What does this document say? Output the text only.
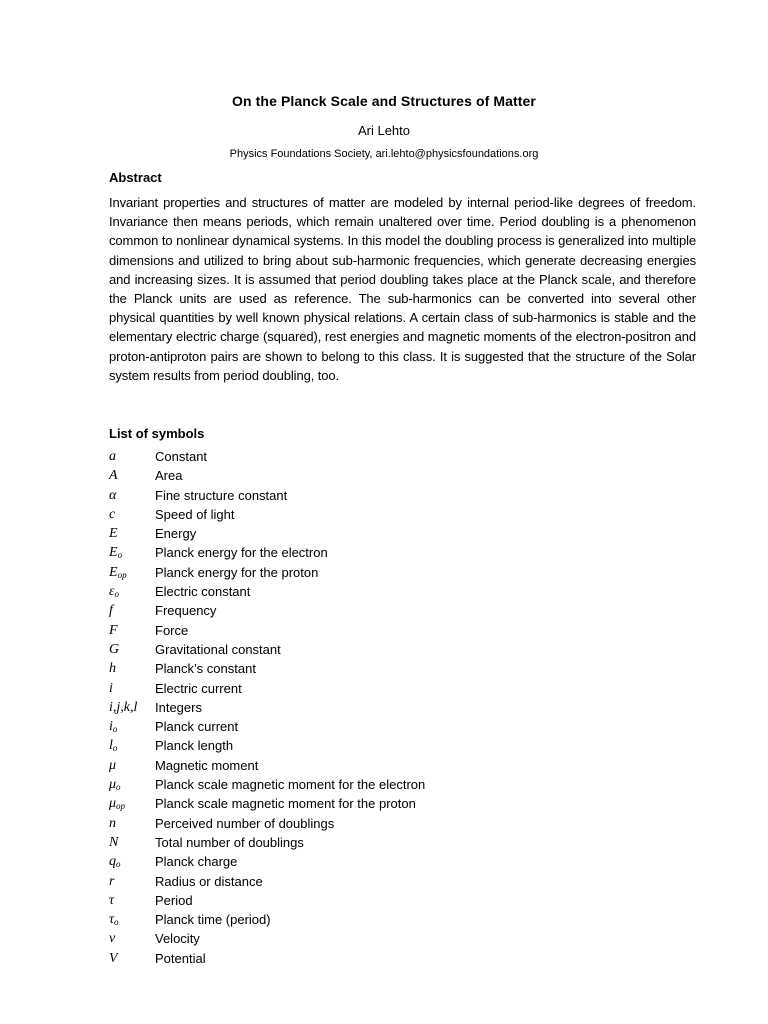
On the Planck Scale and Structures of Matter
Ari Lehto
Physics Foundations Society, ari.lehto@physicsfoundations.org
Abstract
Invariant properties and structures of matter are modeled by internal period-like degrees of freedom. Invariance then means periods, which remain unaltered over time. Period doubling is a phenomenon common to nonlinear dynamical systems. In this model the doubling process is generalized into multiple dimensions and utilized to bring about sub-harmonic frequencies, which generate decreasing energies and increasing sizes. It is assumed that period doubling takes place at the Planck scale, and therefore the Planck units are used as reference. The sub-harmonics can be converted into several other physical quantities by well known physical relations. A certain class of sub-harmonics is stable and the elementary electric charge (squared), rest energies and magnetic moments of the electron-positron and proton-antiproton pairs are shown to belong to this class. It is suggested that the structure of the Solar system results from period doubling, too.
List of symbols
a	Constant
A	Area
α	Fine structure constant
c	Speed of light
E	Energy
$E_o$	Planck energy for the electron
$E_{op}$ Planck energy for the proton
$\varepsilon_o$	Electric constant
f	Frequency
F	Force
G	Gravitational constant
h	Planck’s constant
i	Electric current
i,j,k,l Integers
$i_o$	Planck current
$l_o$	Planck length
μ	Magnetic moment
$\mu_o$	Planck scale magnetic moment for the electron
$\mu_{op}$ Planck scale magnetic moment for the proton
n	Perceived number of doublings
N	Total number of doublings
$q_o$	Planck charge
r	Radius or distance
τ	Period
$\tau_o$	Planck time (period)
v	Velocity
V	Potential
